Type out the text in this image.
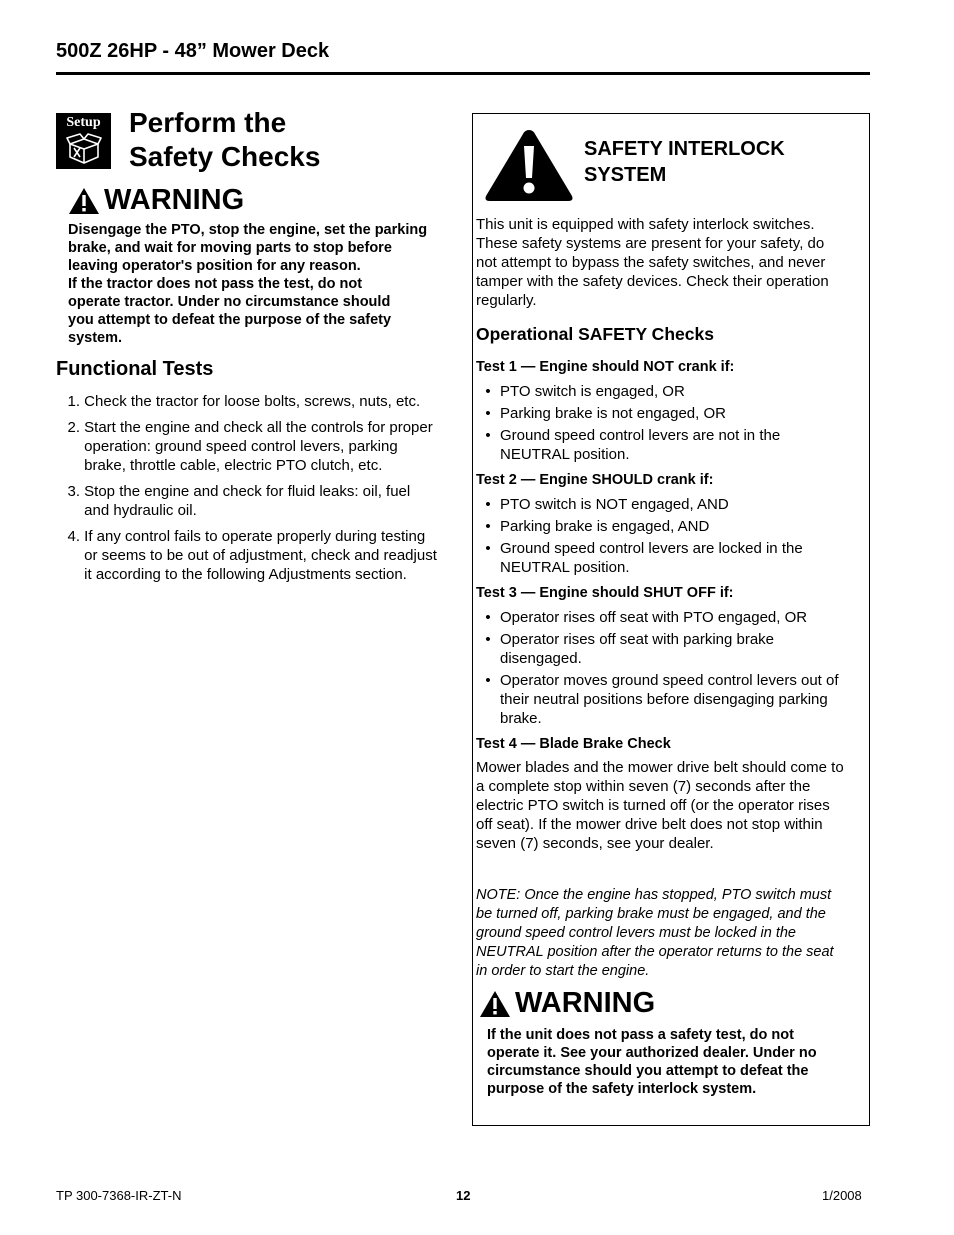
500Z 26HP - 48” Mower Deck
Setup	Perform the
Safety Checks
WARNING
Disengage the PTO, stop the engine, set the parking
brake, and wait for moving parts to stop before
leaving operator's position for any reason.
If the tractor does not pass the test, do not
operate tractor. Under no circumstance should
you attempt to defeat the purpose of the safety
system.
Functional Tests
1. Check the tractor for loose bolts, screws, nuts, etc.
2. Start the engine and check all the controls for proper
operation: ground speed control levers, parking
brake, throttle cable, electric PTO clutch, etc.
3. Stop the engine and check for fluid leaks: oil, fuel
and hydraulic oil.
4. If any control fails to operate properly during testing
or seems to be out of adjustment, check and readjust
it according to the following Adjustments section.
SAFETY INTERLOCK
SYSTEM
This unit is equipped with safety interlock switches.
These safety systems are present for your safety, do
not attempt to bypass the safety switches, and never
tamper with the safety devices. Check their operation
regularly.
Operational SAFETY Checks
Test 1 — Engine should NOT crank if:
• PTO switch is engaged, OR
• Parking brake is not engaged, OR
• Ground speed control levers are not in the
NEUTRAL position.
Test 2 — Engine SHOULD crank if:
• PTO switch is NOT engaged, AND
• Parking brake is engaged, AND
• Ground speed control levers are locked in the
NEUTRAL position.
Test 3 — Engine should SHUT OFF if:
• Operator rises off seat with PTO engaged, OR
• Operator rises off seat with parking brake
disengaged.
• Operator moves ground speed control levers out of
their neutral positions before disengaging parking
brake.
Test 4 — Blade Brake Check
Mower blades and the mower drive belt should come to
a complete stop within seven (7) seconds after the
electric PTO switch is turned off (or the operator rises
off seat). If the mower drive belt does not stop within
seven (7) seconds, see your dealer.
NOTE: Once the engine has stopped, PTO switch must
be turned off, parking brake must be engaged, and the
ground speed control levers must be locked in the
NEUTRAL position after the operator returns to the seat
in order to start the engine.
WARNING
If the unit does not pass a safety test, do not
operate it. See your authorized dealer. Under no
circumstance should you attempt to defeat the
purpose of the safety interlock system.
TP 300-7368-IR-ZT-N	12	1/2008
